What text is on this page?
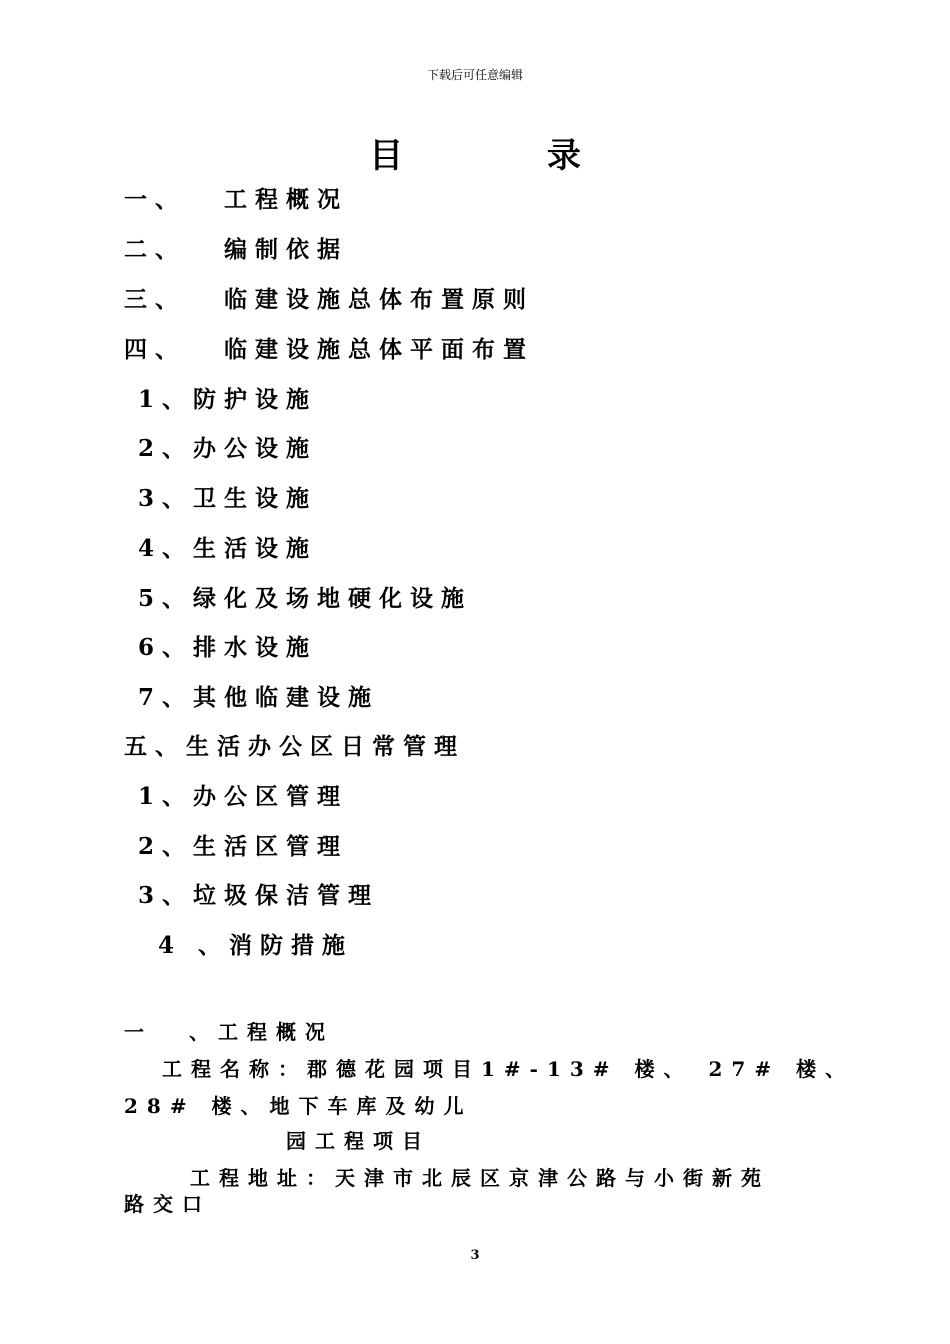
下载后可任意编辑
目	录
一、 工程概况
二、 编制依据
三、 临建设施总体布置原则
四、 临建设施总体平面布置
1、防护设施
2、办公设施
3、卫生设施
4、生活设施
5、绿化及场地硬化设施
6、排水设施
7、其他临建设施
五、生活办公区日常管理
1、办公区管理
2、生活区管理
3、垃圾保洁管理
4 、消防措施
一 、工程概况
工程名称：郡德花园项目1#-13# 楼、 27# 楼、
28# 楼、地下车库及幼儿
园工程项目
工程地址：天津市北辰区京津公路与小街新苑
路交口
3
